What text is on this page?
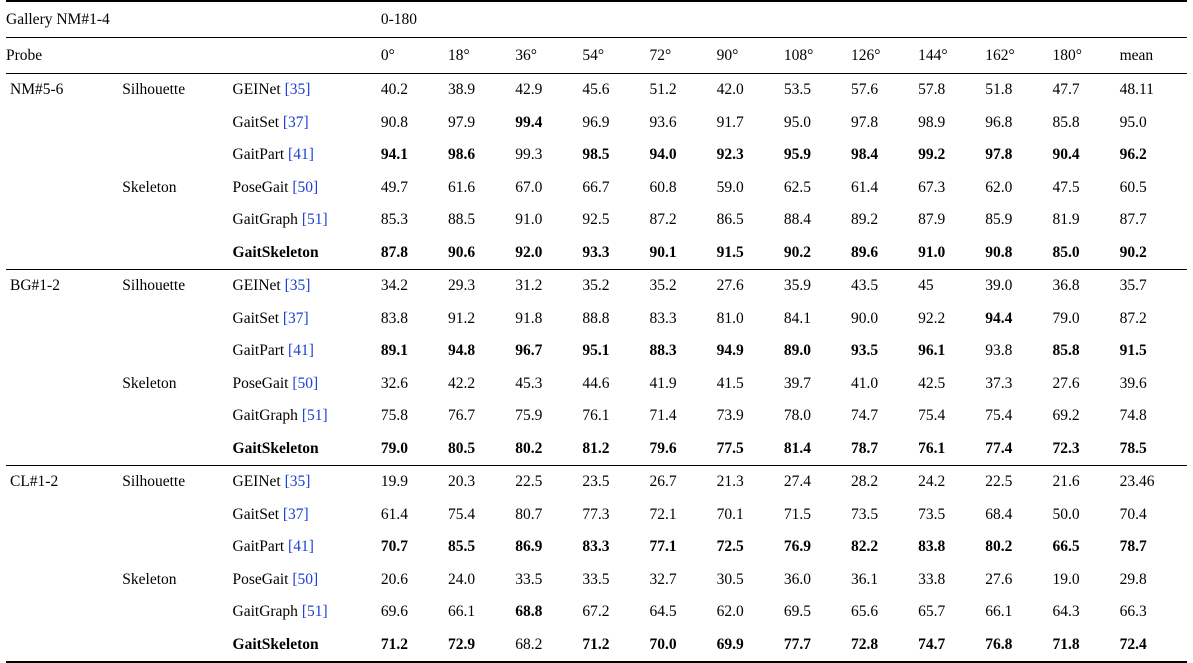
Gallery NM#1-4			0-180											
Probe			0°	18°	36°	54°	72°	90°	108°	126°	144°	162°	180°	mean
NM#5-6	Silhouette	GEINet [35]	40.2	38.9	42.9	45.6	51.2	42.0	53.5	57.6	57.8	51.8	47.7	48.11
		GaitSet [37]	90.8	97.9	99.4	96.9	93.6	91.7	95.0	97.8	98.9	96.8	85.8	95.0
		GaitPart [41]	94.1	98.6	99.3	98.5	94.0	92.3	95.9	98.4	99.2	97.8	90.4	96.2
	Skeleton	PoseGait [50]	49.7	61.6	67.0	66.7	60.8	59.0	62.5	61.4	67.3	62.0	47.5	60.5
		GaitGraph [51]	85.3	88.5	91.0	92.5	87.2	86.5	88.4	89.2	87.9	85.9	81.9	87.7
		GaitSkeleton	87.8	90.6	92.0	93.3	90.1	91.5	90.2	89.6	91.0	90.8	85.0	90.2
BG#1-2	Silhouette	GEINet [35]	34.2	29.3	31.2	35.2	35.2	27.6	35.9	43.5	45	39.0	36.8	35.7
		GaitSet [37]	83.8	91.2	91.8	88.8	83.3	81.0	84.1	90.0	92.2	94.4	79.0	87.2
		GaitPart [41]	89.1	94.8	96.7	95.1	88.3	94.9	89.0	93.5	96.1	93.8	85.8	91.5
	Skeleton	PoseGait [50]	32.6	42.2	45.3	44.6	41.9	41.5	39.7	41.0	42.5	37.3	27.6	39.6
		GaitGraph [51]	75.8	76.7	75.9	76.1	71.4	73.9	78.0	74.7	75.4	75.4	69.2	74.8
		GaitSkeleton	79.0	80.5	80.2	81.2	79.6	77.5	81.4	78.7	76.1	77.4	72.3	78.5
CL#1-2	Silhouette	GEINet [35]	19.9	20.3	22.5	23.5	26.7	21.3	27.4	28.2	24.2	22.5	21.6	23.46
		GaitSet [37]	61.4	75.4	80.7	77.3	72.1	70.1	71.5	73.5	73.5	68.4	50.0	70.4
		GaitPart [41]	70.7	85.5	86.9	83.3	77.1	72.5	76.9	82.2	83.8	80.2	66.5	78.7
	Skeleton	PoseGait [50]	20.6	24.0	33.5	33.5	32.7	30.5	36.0	36.1	33.8	27.6	19.0	29.8
		GaitGraph [51]	69.6	66.1	68.8	67.2	64.5	62.0	69.5	65.6	65.7	66.1	64.3	66.3
		GaitSkeleton	71.2	72.9	68.2	71.2	70.0	69.9	77.7	72.8	74.7	76.8	71.8	72.4
